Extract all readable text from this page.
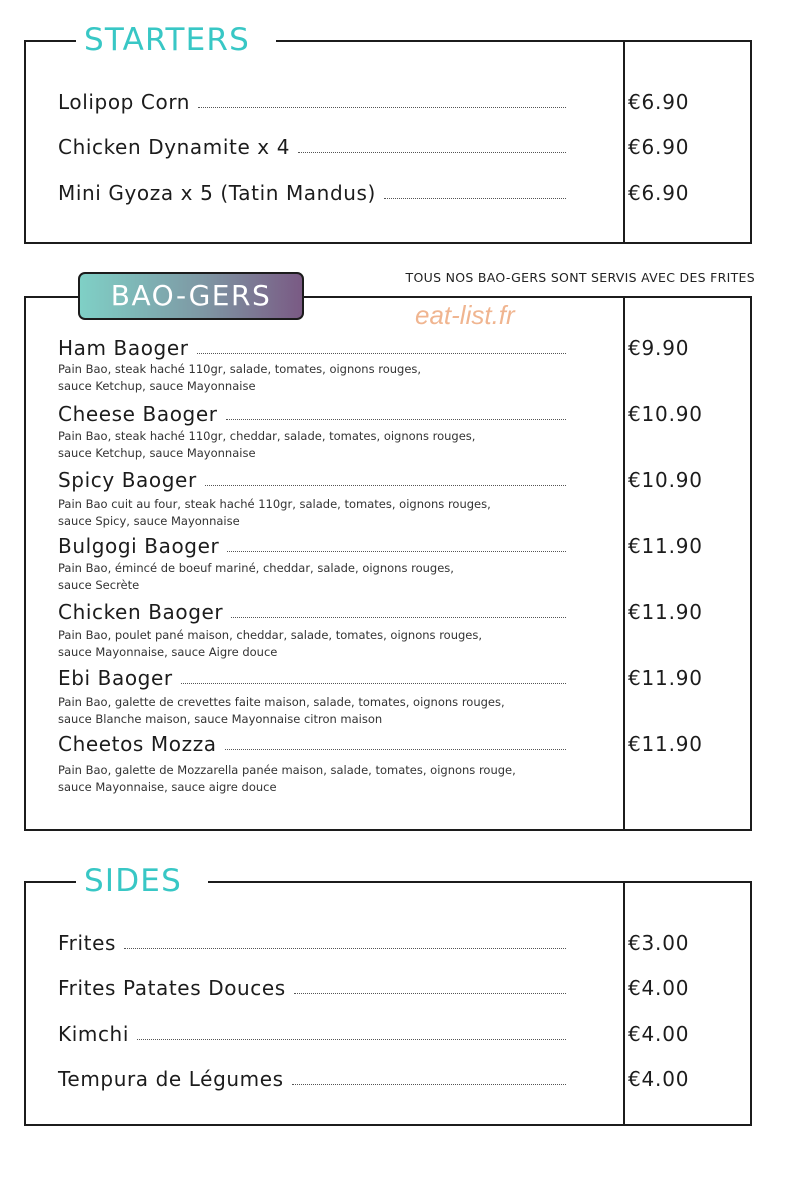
STARTERS
Lolipop Corn	€6.90
Chicken Dynamite x 4	€6.90
Mini Gyoza x 5 (Tatin Mandus)	€6.90
TOUS NOS BAO-GERS SONT SERVIS AVEC DES FRITES
BAO-GERS
eat-list.fr
Ham Baoger	€9.90
Pain Bao, steak haché 110gr, salade, tomates, oignons rouges,
sauce Ketchup, sauce Mayonnaise
Cheese Baoger	€10.90
Pain Bao, steak haché 110gr, cheddar, salade, tomates, oignons rouges,
sauce Ketchup, sauce Mayonnaise
Spicy Baoger	€10.90
Pain Bao cuit au four, steak haché 110gr, salade, tomates, oignons rouges,
sauce Spicy, sauce Mayonnaise
Bulgogi Baoger	€11.90
Pain Bao, émincé de boeuf mariné, cheddar, salade, oignons rouges,
sauce Secrète
Chicken Baoger	€11.90
Pain Bao, poulet pané maison, cheddar, salade, tomates, oignons rouges,
sauce Mayonnaise, sauce Aigre douce
Ebi Baoger	€11.90
Pain Bao, galette de crevettes faite maison, salade, tomates, oignons rouges,
sauce Blanche maison, sauce Mayonnaise citron maison
Cheetos Mozza	€11.90
Pain Bao, galette de Mozzarella panée maison, salade, tomates, oignons rouge,
sauce Mayonnaise, sauce aigre douce
SIDES
Frites	€3.00
Frites Patates Douces	€4.00
Kimchi	€4.00
Tempura de Légumes	€4.00
